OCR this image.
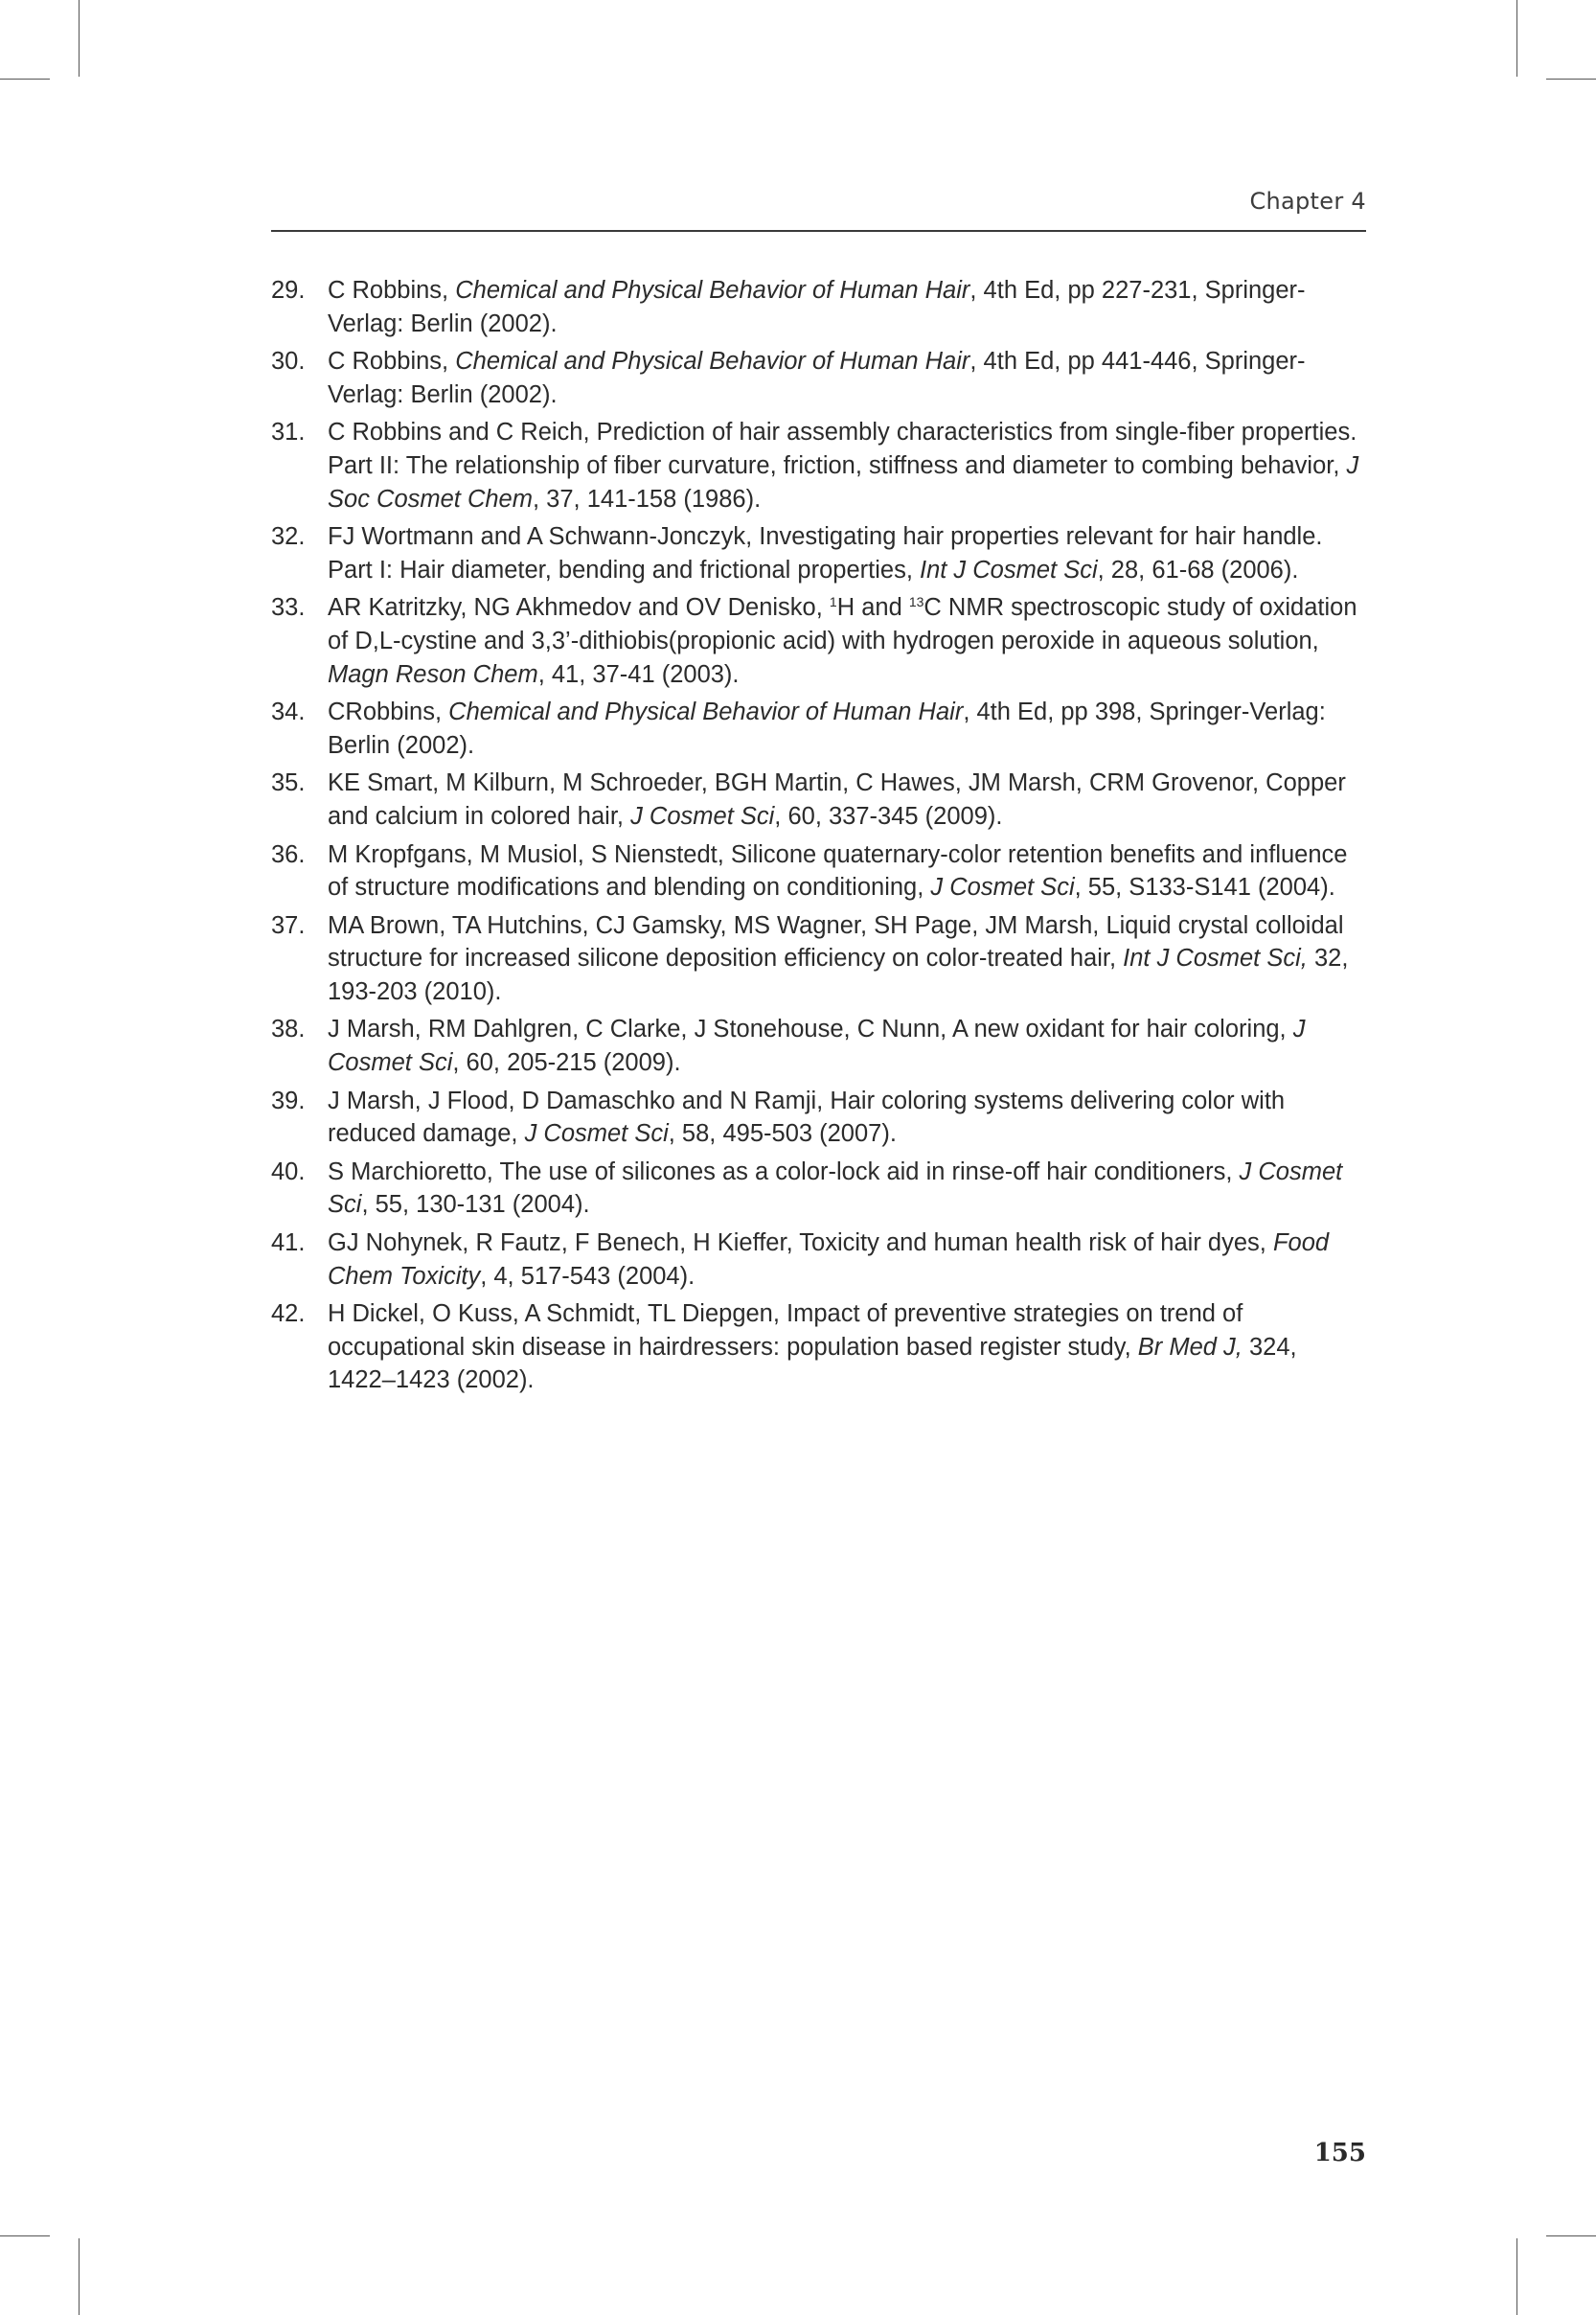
Chapter 4
29. C Robbins, Chemical and Physical Behavior of Human Hair, 4th Ed, pp 227-231, Springer-Verlag: Berlin (2002).
30. C Robbins, Chemical and Physical Behavior of Human Hair, 4th Ed, pp 441-446, Springer-Verlag: Berlin (2002).
31. C Robbins and C Reich, Prediction of hair assembly characteristics from single-fiber properties. Part II: The relationship of fiber curvature, friction, stiffness and diameter to combing behavior, J Soc Cosmet Chem, 37, 141-158 (1986).
32. FJ Wortmann and A Schwann-Jonczyk, Investigating hair properties relevant for hair handle. Part I: Hair diameter, bending and frictional properties, Int J Cosmet Sci, 28, 61-68 (2006).
33. AR Katritzky, NG Akhmedov and OV Denisko, $^1$H and $^{13}$C NMR spectroscopic study of oxidation of D,L-cystine and 3,3’-dithiobis(propionic acid) with hydrogen peroxide in aqueous solution, Magn Reson Chem, 41, 37-41 (2003).
34. CRobbins, Chemical and Physical Behavior of Human Hair, 4th Ed, pp 398, Springer-Verlag: Berlin (2002).
35. KE Smart, M Kilburn, M Schroeder, BGH Martin, C Hawes, JM Marsh, CRM Grovenor, Copper and calcium in colored hair, J Cosmet Sci, 60, 337-345 (2009).
36. M Kropfgans, M Musiol, S Nienstedt, Silicone quaternary-color retention benefits and influence of structure modifications and blending on conditioning, J Cosmet Sci, 55, S133-S141 (2004).
37. MA Brown, TA Hutchins, CJ Gamsky, MS Wagner, SH Page, JM Marsh, Liquid crystal colloidal structure for increased silicone deposition efficiency on color-treated hair, Int J Cosmet Sci, 32, 193-203 (2010).
38. J Marsh, RM Dahlgren, C Clarke, J Stonehouse, C Nunn, A new oxidant for hair coloring, J Cosmet Sci, 60, 205-215 (2009).
39. J Marsh, J Flood, D Damaschko and N Ramji, Hair coloring systems delivering color with reduced damage, J Cosmet Sci, 58, 495-503 (2007).
40. S Marchioretto, The use of silicones as a color-lock aid in rinse-off hair conditioners, J Cosmet Sci, 55, 130-131 (2004).
41. GJ Nohynek, R Fautz, F Benech, H Kieffer, Toxicity and human health risk of hair dyes, Food Chem Toxicity, 4, 517-543 (2004).
42. H Dickel, O Kuss, A Schmidt, TL Diepgen, Impact of preventive strategies on trend of occupational skin disease in hairdressers: population based register study, Br Med J, 324, 1422–1423 (2002).
155
